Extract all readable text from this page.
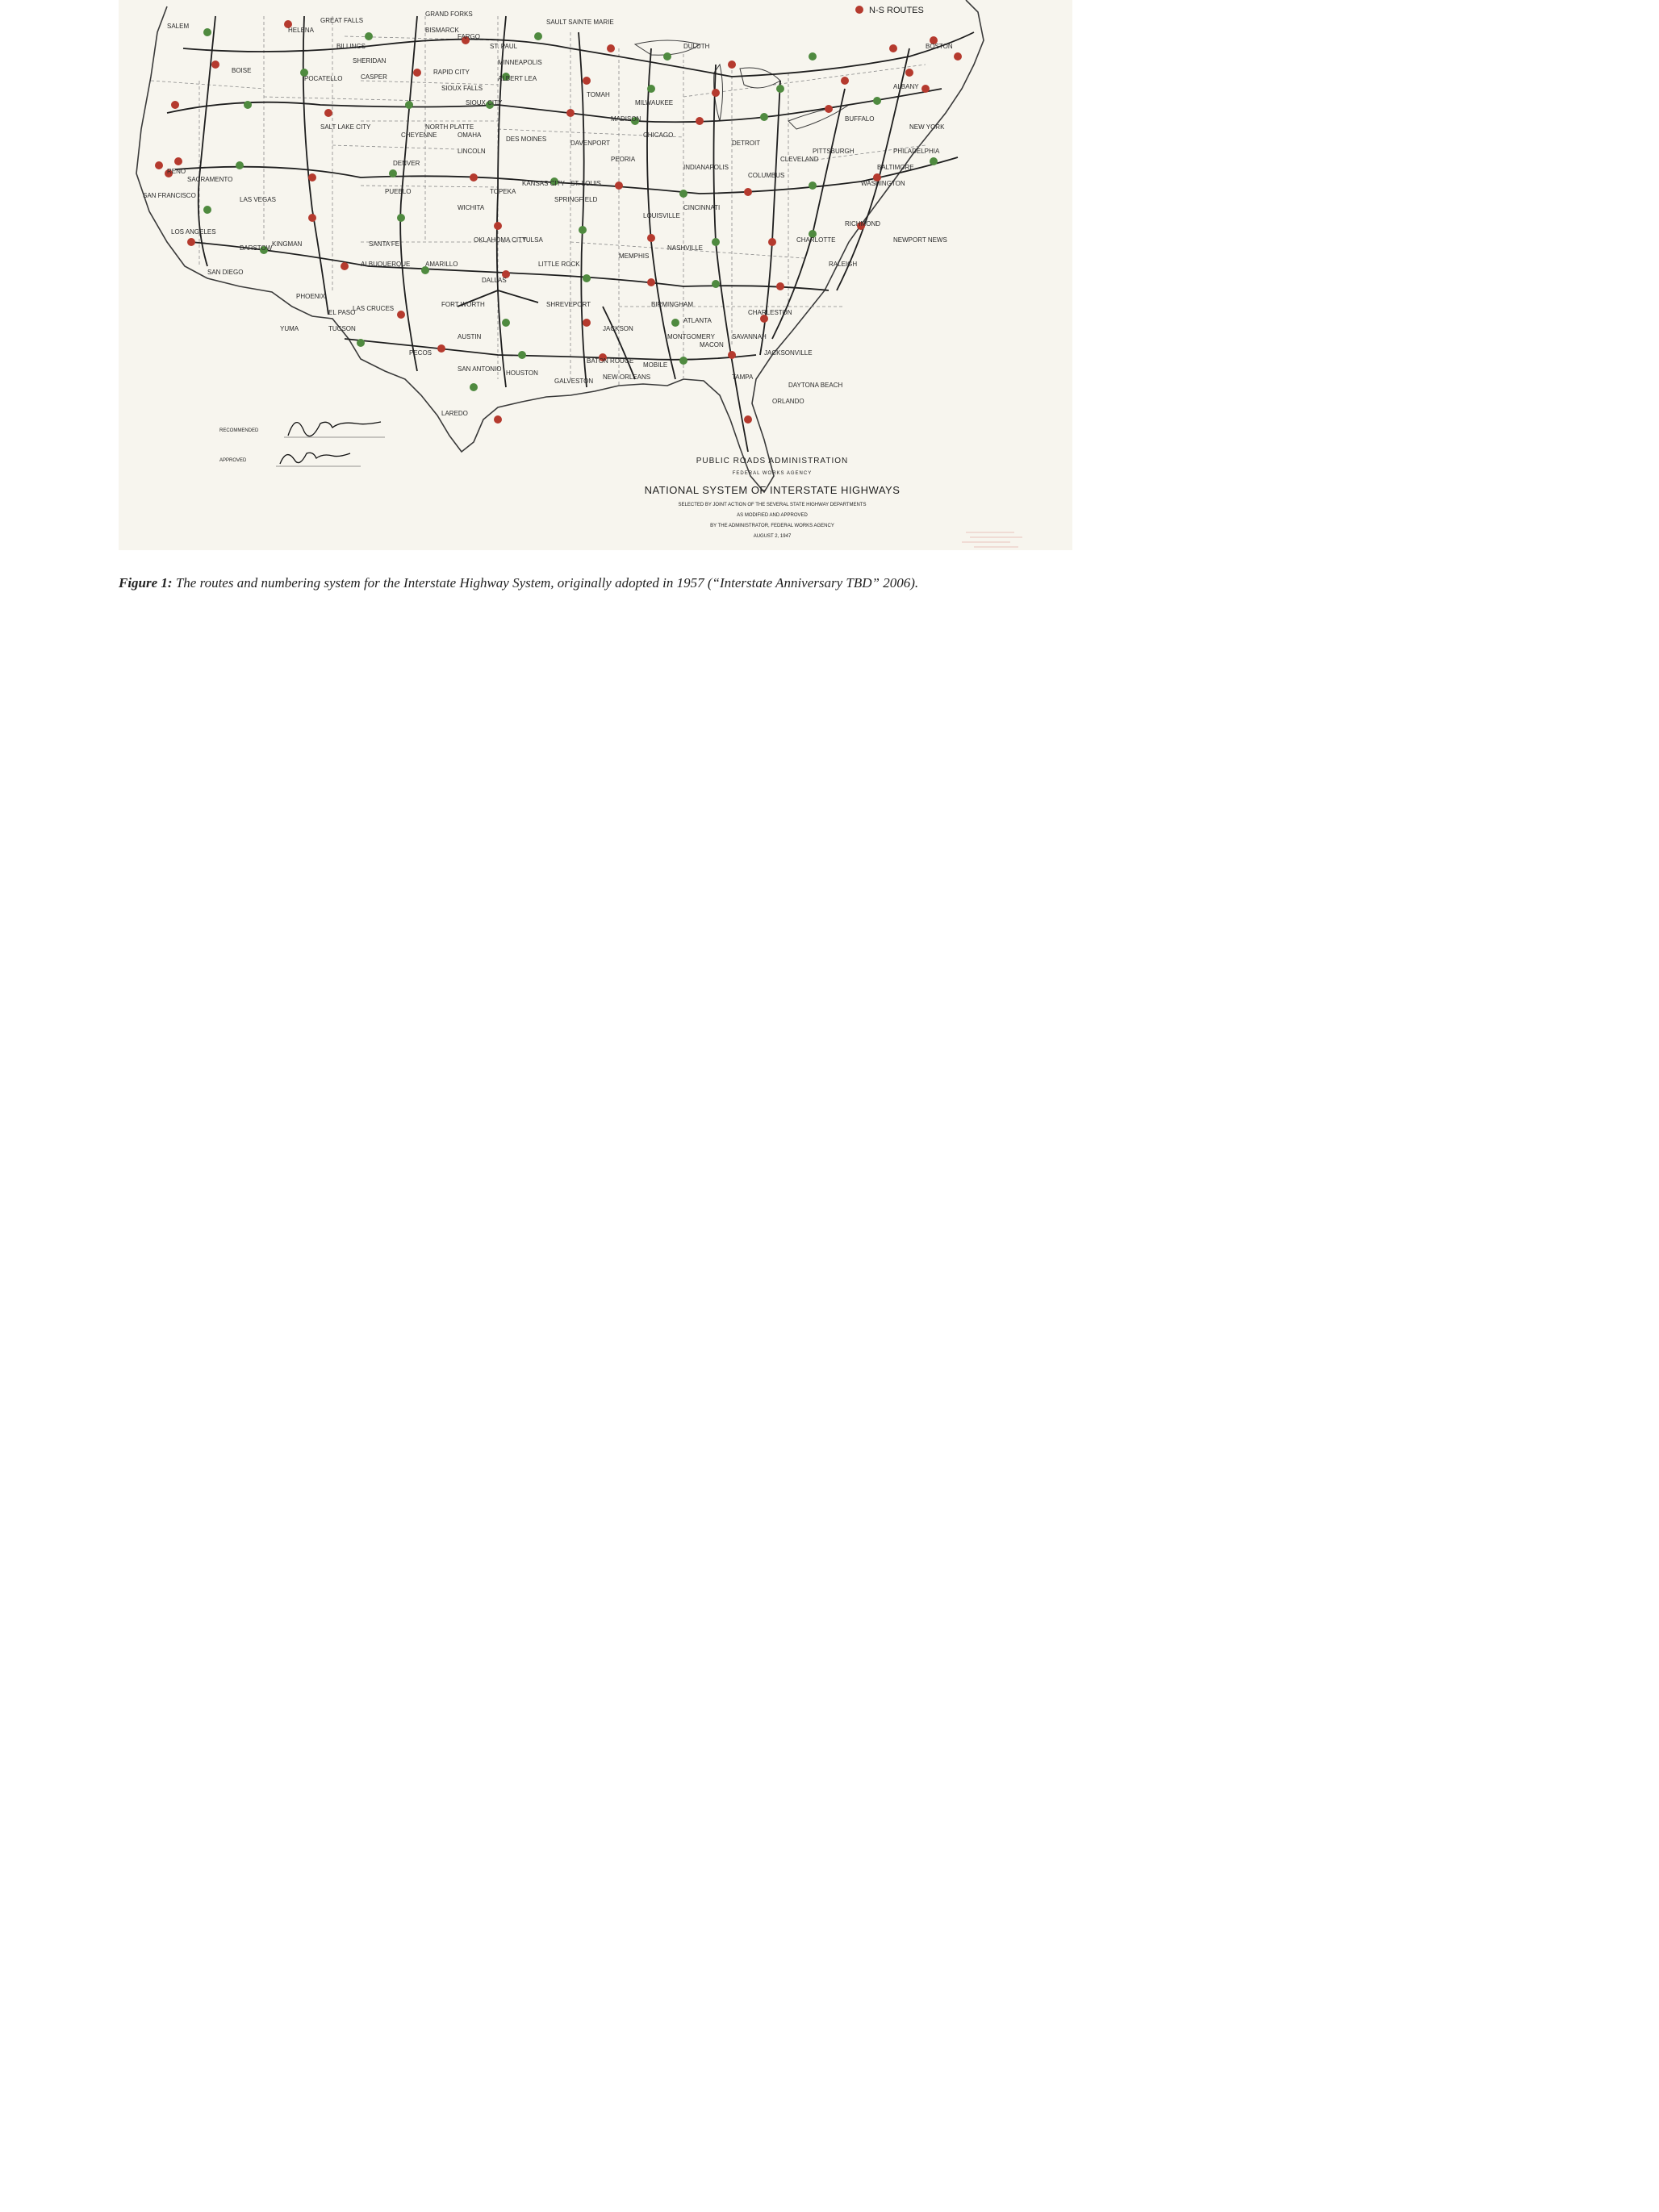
N-S ROUTES
GREAT FALLS
HELENA
BILLINGS
SHERIDAN
GRAND FORKS
BISMARCK
FARGO
SAULT SAINTE MARIE
ST. PAUL
MINNEAPOLIS
ALBERT LEA
SIOUX FALLS
SIOUX CITY
RAPID CITY
CASPER
BOISE
POCATELLO
SALEM
NORTH PLATTE
OMAHA
DES MOINES
LINCOLN
CHEYENNE
DENVER
PUEBLO
SALT LAKE CITY
RENO
SACRAMENTO
SAN FRANCISCO
LAS VEGAS
LOS ANGELES
SAN DIEGO
BARSTOW
KINGMAN	SANTA FE
ALBUQUERQUE AMARILLO
OKLAHOMA CITY
TULSA
WICHITA
TOPEKA
KANSAS CITY ST. LOUIS
SPRINGFIELD
LITTLE ROCK
DALLAS
FORT WORTH
EL PASO
LAS CRUCES
AUSTIN
SAN ANTONIO
HOUSTON
GALVESTON
LAREDO
SHREVEPORT
JACKSON
BATON ROUGE
NEW ORLEANS
MOBILE
MONTGOMERY
BIRMINGHAM
ATLANTA
MACON
SAVANNAH
CHARLESTON
JACKSONVILLE
ORLANDO
DAYTONA BEACH
TAMPA
MEMPHIS
NASHVILLE
LOUISVILLE
CINCINNATI
COLUMBUS
CLEVELAND
DETROIT
CHICAGO
MILWAUKEE
MADISON
DAVENPORT
PEORIA
INDIANAPOLIS
PITTSBURGH
BUFFALO
ALBANY
BOSTON
NEW YORK
PHILADELPHIA
BALTIMORE
WASHINGTON
RICHMOND
NEWPORT NEWS
RALEIGH
CHARLOTTE
PHOENIX
TUCSON
YUMA
PECOS
DULUTH
TOMAH
RECOMMENDED
APPROVED	PUBLIC ROADS ADMINISTRATION
FEDERAL WORKS AGENCY
NATIONAL SYSTEM OF INTERSTATE HIGHWAYS
SELECTED BY JOINT ACTION OF THE SEVERAL STATE HIGHWAY DEPARTMENTS
AS MODIFIED AND APPROVED
BY THE ADMINISTRATOR, FEDERAL WORKS AGENCY
AUGUST 2, 1947
Figure 1: The routes and numbering system for the Interstate Highway System, originally adopted in 1957 (“Interstate Anniversary TBD” 2006).
